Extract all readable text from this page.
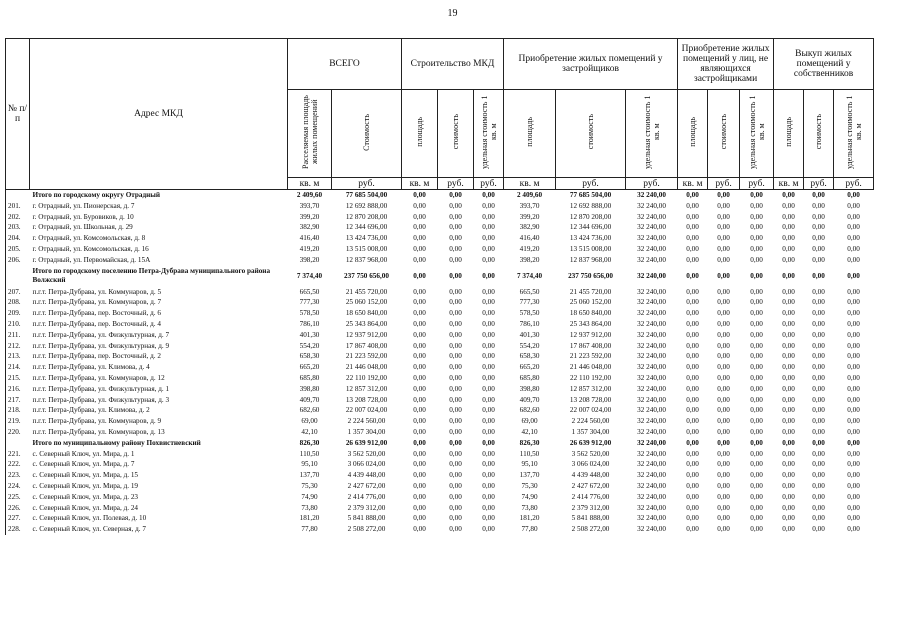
19
№ п/п	Адрес МКД	ВСЕГО		Строительство МКД			Приобретение жилых помещений у застройщиков			Приобретение жилых помещений у лиц, не являющихся застройщиками			Выкуп жилых помещений у собственников		
		Расселяемая площадь жилых помещений	Стоимость	площадь	стоимость	удельная стоимость 1 кв. м	площадь	стоимость	удельная стоимость 1 кв. м	площадь	стоимость	удельная стоимость 1 кв. м	площадь	стоимость	удельная стоимость 1 кв. м
		кв. м	руб.	кв. м	руб.	руб.	кв. м	руб.	руб.	кв. м	руб.	руб.	кв. м	руб.	руб.
	Итого по городскому округу Отрадный	2 409,60	77 685 504,00	0,00	0,00	0,00	2 409,60	77 685 504,00	32 240,00	0,00	0,00	0,00	0,00	0,00	0,00
201.	г. Отрадный, ул. Пионерская, д. 7	393,70	12 692 888,00	0,00	0,00	0,00	393,70	12 692 888,00	32 240,00	0,00	0,00	0,00	0,00	0,00	0,00
202.	г. Отрадный, ул. Буровиков, д. 10	399,20	12 870 208,00	0,00	0,00	0,00	399,20	12 870 208,00	32 240,00	0,00	0,00	0,00	0,00	0,00	0,00
203.	г. Отрадный, ул. Школьная, д. 29	382,90	12 344 696,00	0,00	0,00	0,00	382,90	12 344 696,00	32 240,00	0,00	0,00	0,00	0,00	0,00	0,00
204.	г. Отрадный, ул. Комсомольская, д. 8	416,40	13 424 736,00	0,00	0,00	0,00	416,40	13 424 736,00	32 240,00	0,00	0,00	0,00	0,00	0,00	0,00
205.	г. Отрадный, ул. Комсомольская, д. 16	419,20	13 515 008,00	0,00	0,00	0,00	419,20	13 515 008,00	32 240,00	0,00	0,00	0,00	0,00	0,00	0,00
206.	г. Отрадный, ул. Первомайская, д. 15А	398,20	12 837 968,00	0,00	0,00	0,00	398,20	12 837 968,00	32 240,00	0,00	0,00	0,00	0,00	0,00	0,00
	Итого по городскому поселению Петра-Дубрава муниципального района Волжский	7 374,40	237 750 656,00	0,00	0,00	0,00	7 374,40	237 750 656,00	32 240,00	0,00	0,00	0,00	0,00	0,00	0,00
207.	п.г.т. Петра-Дубрава, ул. Коммунаров, д. 5	665,50	21 455 720,00	0,00	0,00	0,00	665,50	21 455 720,00	32 240,00	0,00	0,00	0,00	0,00	0,00	0,00
208.	п.г.т. Петра-Дубрава, ул. Коммунаров, д. 7	777,30	25 060 152,00	0,00	0,00	0,00	777,30	25 060 152,00	32 240,00	0,00	0,00	0,00	0,00	0,00	0,00
209.	п.г.т. Петра-Дубрава, пер. Восточный, д. 6	578,50	18 650 840,00	0,00	0,00	0,00	578,50	18 650 840,00	32 240,00	0,00	0,00	0,00	0,00	0,00	0,00
210.	п.г.т. Петра-Дубрава, пер. Восточный, д. 4	786,10	25 343 864,00	0,00	0,00	0,00	786,10	25 343 864,00	32 240,00	0,00	0,00	0,00	0,00	0,00	0,00
211.	п.г.т. Петра-Дубрава, ул. Физкультурная, д. 7	401,30	12 937 912,00	0,00	0,00	0,00	401,30	12 937 912,00	32 240,00	0,00	0,00	0,00	0,00	0,00	0,00
212.	п.г.т. Петра-Дубрава, ул. Физкультурная, д. 9	554,20	17 867 408,00	0,00	0,00	0,00	554,20	17 867 408,00	32 240,00	0,00	0,00	0,00	0,00	0,00	0,00
213.	п.г.т. Петра-Дубрава, пер. Восточный, д. 2	658,30	21 223 592,00	0,00	0,00	0,00	658,30	21 223 592,00	32 240,00	0,00	0,00	0,00	0,00	0,00	0,00
214.	п.г.т. Петра-Дубрава, ул. Климова, д. 4	665,20	21 446 048,00	0,00	0,00	0,00	665,20	21 446 048,00	32 240,00	0,00	0,00	0,00	0,00	0,00	0,00
215.	п.г.т. Петра-Дубрава, ул. Коммунаров, д. 12	685,80	22 110 192,00	0,00	0,00	0,00	685,80	22 110 192,00	32 240,00	0,00	0,00	0,00	0,00	0,00	0,00
216.	п.г.т. Петра-Дубрава, ул. Физкультурная, д. 1	398,80	12 857 312,00	0,00	0,00	0,00	398,80	12 857 312,00	32 240,00	0,00	0,00	0,00	0,00	0,00	0,00
217.	п.г.т. Петра-Дубрава, ул. Физкультурная, д. 3	409,70	13 208 728,00	0,00	0,00	0,00	409,70	13 208 728,00	32 240,00	0,00	0,00	0,00	0,00	0,00	0,00
218.	п.г.т. Петра-Дубрава, ул. Климова, д. 2	682,60	22 007 024,00	0,00	0,00	0,00	682,60	22 007 024,00	32 240,00	0,00	0,00	0,00	0,00	0,00	0,00
219.	п.г.т. Петра-Дубрава, ул. Коммунаров, д. 9	69,00	2 224 560,00	0,00	0,00	0,00	69,00	2 224 560,00	32 240,00	0,00	0,00	0,00	0,00	0,00	0,00
220.	п.г.т. Петра-Дубрава, ул. Коммунаров, д. 13	42,10	1 357 304,00	0,00	0,00	0,00	42,10	1 357 304,00	32 240,00	0,00	0,00	0,00	0,00	0,00	0,00
	Итого по муниципальному району Похвистневский	826,30	26 639 912,00	0,00	0,00	0,00	826,30	26 639 912,00	32 240,00	0,00	0,00	0,00	0,00	0,00	0,00
221.	с. Северный Ключ, ул. Мира, д. 1	110,50	3 562 520,00	0,00	0,00	0,00	110,50	3 562 520,00	32 240,00	0,00	0,00	0,00	0,00	0,00	0,00
222.	с. Северный Ключ, ул. Мира, д. 7	95,10	3 066 024,00	0,00	0,00	0,00	95,10	3 066 024,00	32 240,00	0,00	0,00	0,00	0,00	0,00	0,00
223.	с. Северный Ключ, ул. Мира, д. 15	137,70	4 439 448,00	0,00	0,00	0,00	137,70	4 439 448,00	32 240,00	0,00	0,00	0,00	0,00	0,00	0,00
224.	с. Северный Ключ, ул. Мира, д. 19	75,30	2 427 672,00	0,00	0,00	0,00	75,30	2 427 672,00	32 240,00	0,00	0,00	0,00	0,00	0,00	0,00
225.	с. Северный Ключ, ул. Мира, д. 23	74,90	2 414 776,00	0,00	0,00	0,00	74,90	2 414 776,00	32 240,00	0,00	0,00	0,00	0,00	0,00	0,00
226.	с. Северный Ключ, ул. Мира, д. 24	73,80	2 379 312,00	0,00	0,00	0,00	73,80	2 379 312,00	32 240,00	0,00	0,00	0,00	0,00	0,00	0,00
227.	с. Северный Ключ, ул. Полевая, д. 10	181,20	5 841 888,00	0,00	0,00	0,00	181,20	5 841 888,00	32 240,00	0,00	0,00	0,00	0,00	0,00	0,00
228.	с. Северный Ключ, ул. Северная, д. 7	77,80	2 508 272,00	0,00	0,00	0,00	77,80	2 508 272,00	32 240,00	0,00	0,00	0,00	0,00	0,00	0,00
